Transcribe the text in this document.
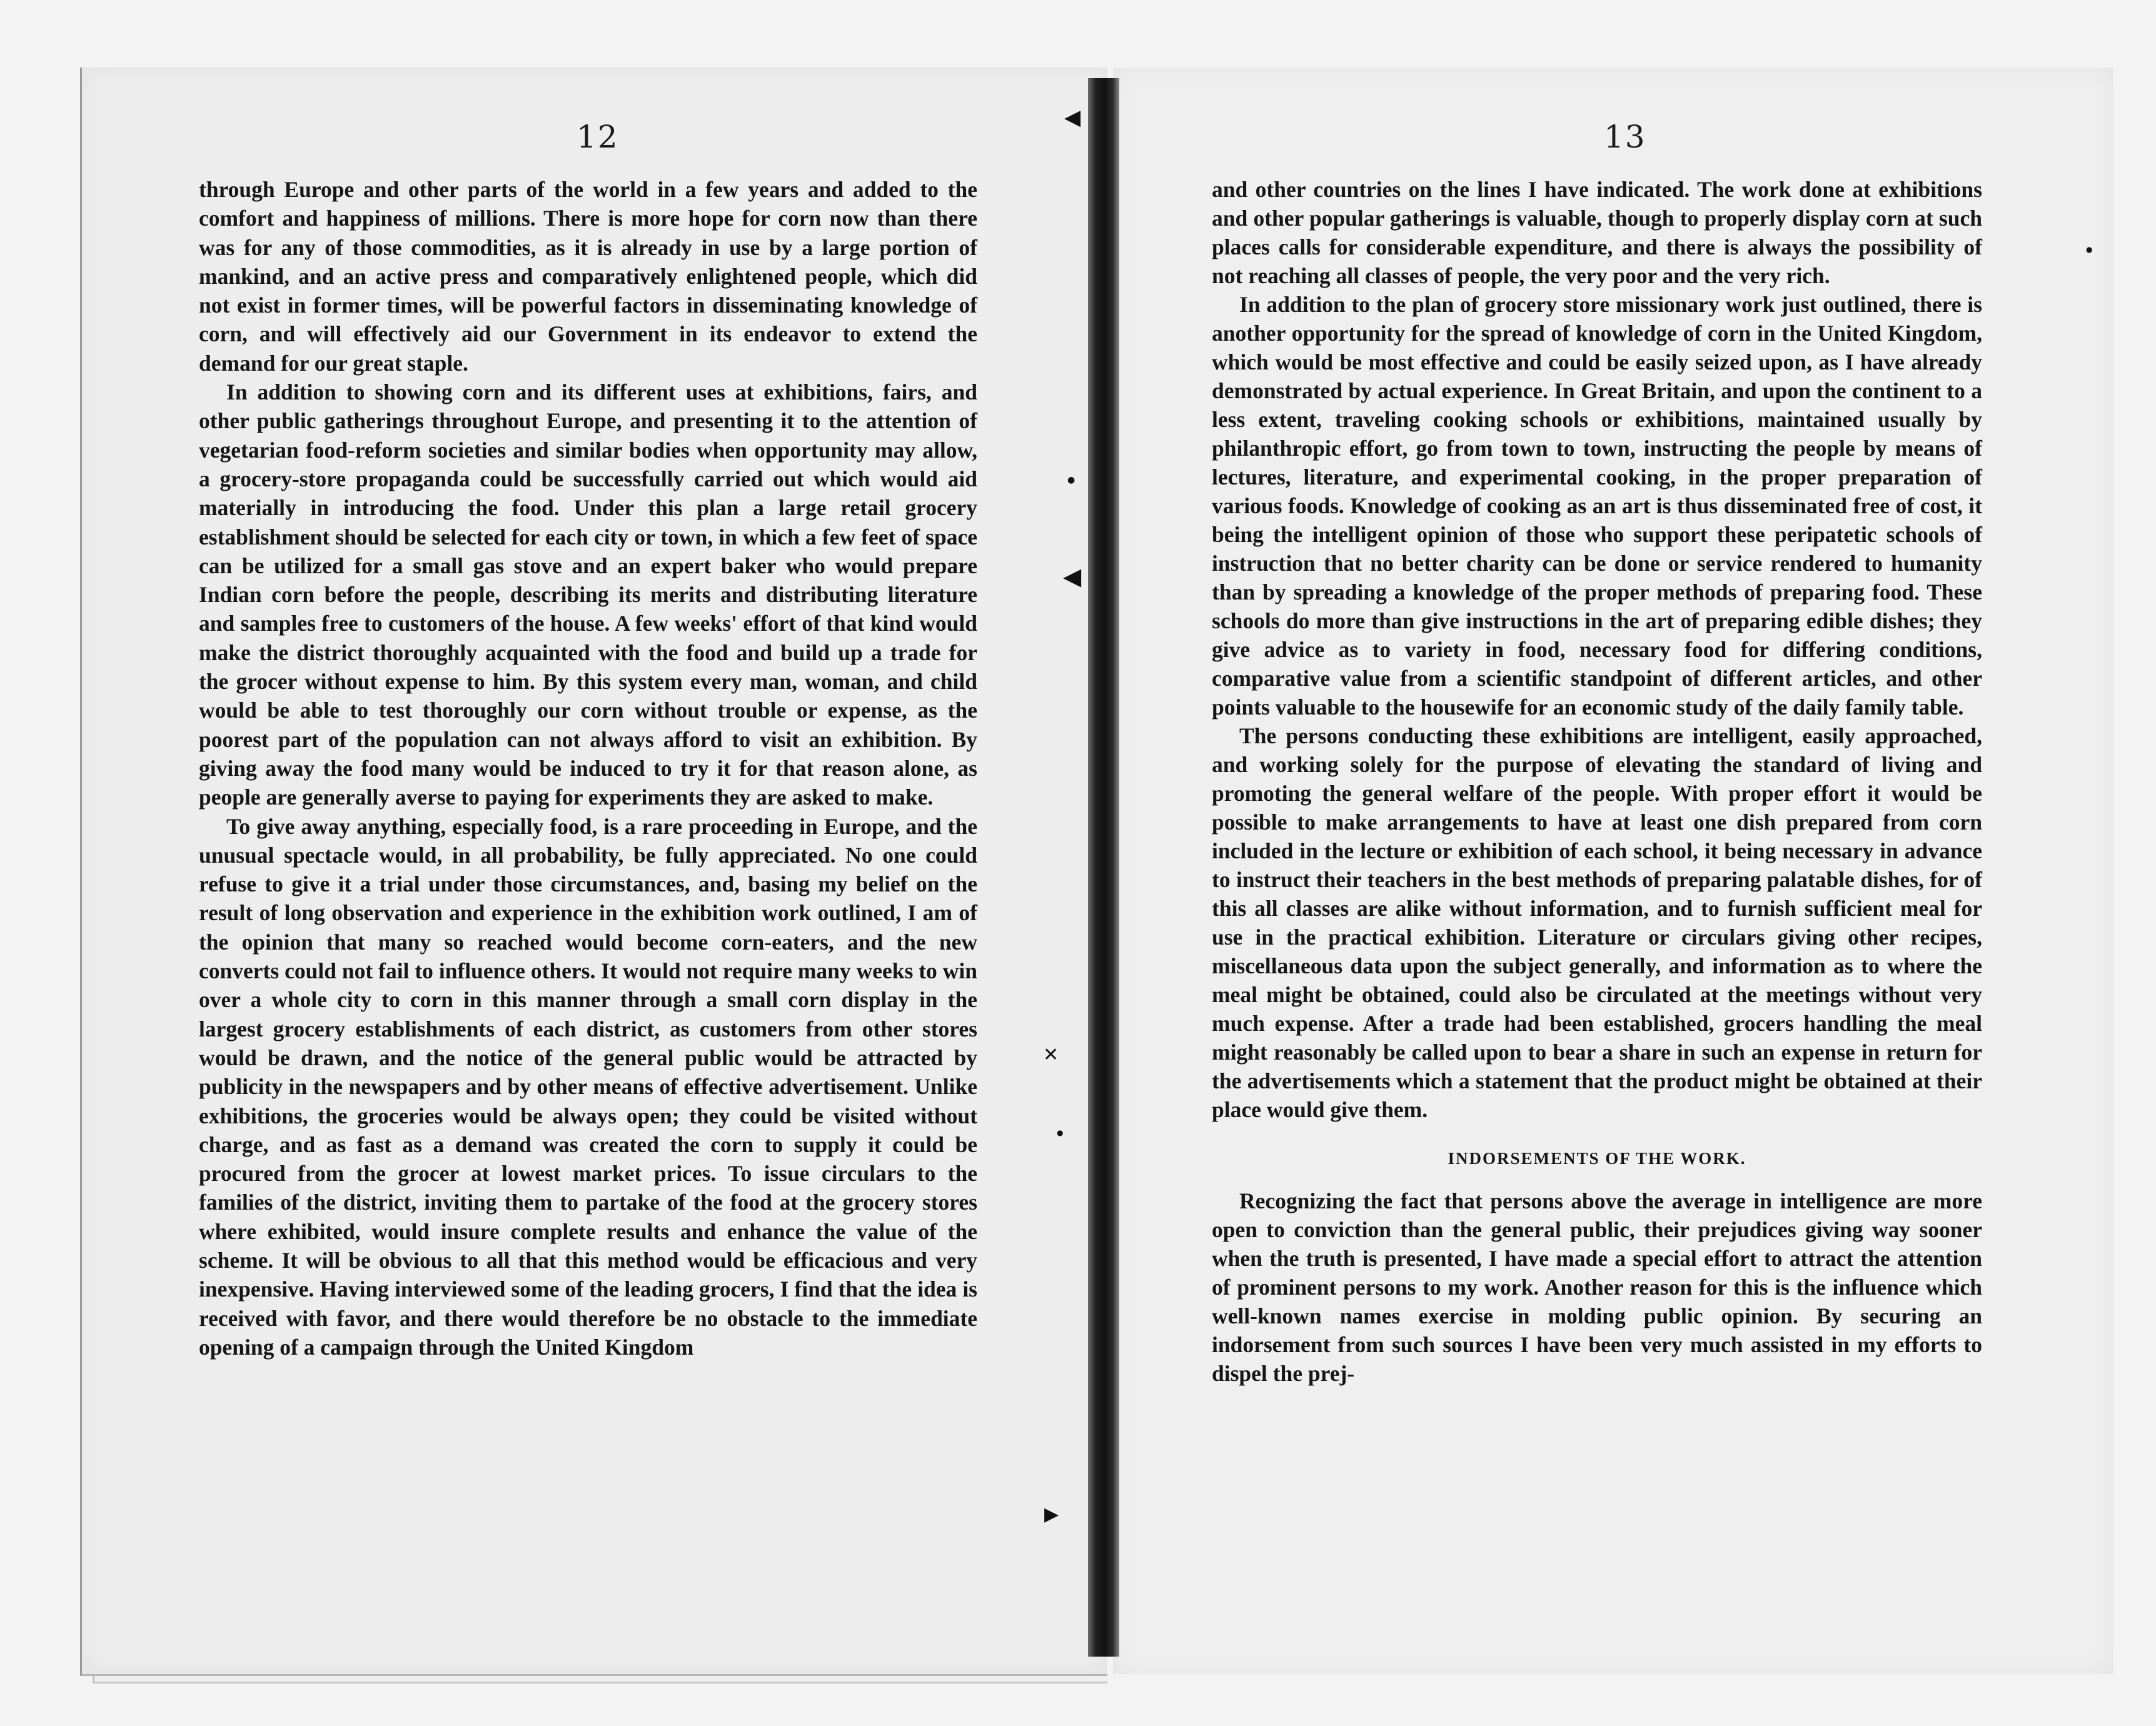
◀
◀
✕
▶
●
●
●
12	13

through Europe and other parts of the world in a few years and added to the comfort and happiness of millions. There is more hope for corn now than there was for any of those commodities, as it is already in use by a large portion of mankind, and an active press and comparatively enlightened people, which did not exist in former times, will be powerful factors in disseminating knowledge of corn, and will effectively aid our Government in its endeavor to extend the demand for our great staple.

In addition to showing corn and its different uses at exhibitions, fairs, and other public gatherings throughout Europe, and presenting it to the attention of vegetarian food-reform societies and similar bodies when opportunity may allow, a grocery-store propaganda could be successfully carried out which would aid materially in introducing the food. Under this plan a large retail grocery establishment should be selected for each city or town, in which a few feet of space can be utilized for a small gas stove and an expert baker who would prepare Indian corn before the people, describing its merits and distributing literature and samples free to customers of the house. A few weeks' effort of that kind would make the district thoroughly acquainted with the food and build up a trade for the grocer without expense to him. By this system every man, woman, and child would be able to test thoroughly our corn without trouble or expense, as the poorest part of the population can not always afford to visit an exhibition. By giving away the food many would be induced to try it for that reason alone, as people are generally averse to paying for experiments they are asked to make.

To give away anything, especially food, is a rare proceeding in Europe, and the unusual spectacle would, in all probability, be fully appreciated. No one could refuse to give it a trial under those circumstances, and, basing my belief on the result of long observation and experience in the exhibition work outlined, I am of the opinion that many so reached would become corn-eaters, and the new converts could not fail to influence others. It would not require many weeks to win over a whole city to corn in this manner through a small corn display in the largest grocery establishments of each district, as customers from other stores would be drawn, and the notice of the general public would be attracted by publicity in the newspapers and by other means of effective advertisement. Unlike exhibitions, the groceries would be always open; they could be visited without charge, and as fast as a demand was created the corn to supply it could be procured from the grocer at lowest market prices. To issue circulars to the families of the district, inviting them to partake of the food at the grocery stores where exhibited, would insure complete results and enhance the value of the scheme. It will be obvious to all that this method would be efficacious and very inexpensive. Having interviewed some of the leading grocers, I find that the idea is received with favor, and there would therefore be no obstacle to the immediate opening of a campaign through the United Kingdom

and other countries on the lines I have indicated. The work done at exhibitions and other popular gatherings is valuable, though to properly display corn at such places calls for considerable expenditure, and there is always the possibility of not reaching all classes of people, the very poor and the very rich.

In addition to the plan of grocery store missionary work just outlined, there is another opportunity for the spread of knowledge of corn in the United Kingdom, which would be most effective and could be easily seized upon, as I have already demonstrated by actual experience. In Great Britain, and upon the continent to a less extent, traveling cooking schools or exhibitions, maintained usually by philanthropic effort, go from town to town, instructing the people by means of lectures, literature, and experimental cooking, in the proper preparation of various foods. Knowledge of cooking as an art is thus disseminated free of cost, it being the intelligent opinion of those who support these peripatetic schools of instruction that no better charity can be done or service rendered to humanity than by spreading a knowledge of the proper methods of preparing food. These schools do more than give instructions in the art of preparing edible dishes; they give advice as to variety in food, necessary food for differing conditions, comparative value from a scientific standpoint of different articles, and other points valuable to the housewife for an economic study of the daily family table.

The persons conducting these exhibitions are intelligent, easily approached, and working solely for the purpose of elevating the standard of living and promoting the general welfare of the people. With proper effort it would be possible to make arrangements to have at least one dish prepared from corn included in the lecture or exhibition of each school, it being necessary in advance to instruct their teachers in the best methods of preparing palatable dishes, for of this all classes are alike without information, and to furnish sufficient meal for use in the practical exhibition. Literature or circulars giving other recipes, miscellaneous data upon the subject generally, and information as to where the meal might be obtained, could also be circulated at the meetings without very much expense. After a trade had been established, grocers handling the meal might reasonably be called upon to bear a share in such an expense in return for the advertisements which a statement that the product might be obtained at their place would give them.

INDORSEMENTS OF THE WORK.

Recognizing the fact that persons above the average in intelligence are more open to conviction than the general public, their prejudices giving way sooner when the truth is presented, I have made a special effort to attract the attention of prominent persons to my work. Another reason for this is the influence which well-known names exercise in molding public opinion. By securing an indorsement from such sources I have been very much assisted in my efforts to dispel the prej-
